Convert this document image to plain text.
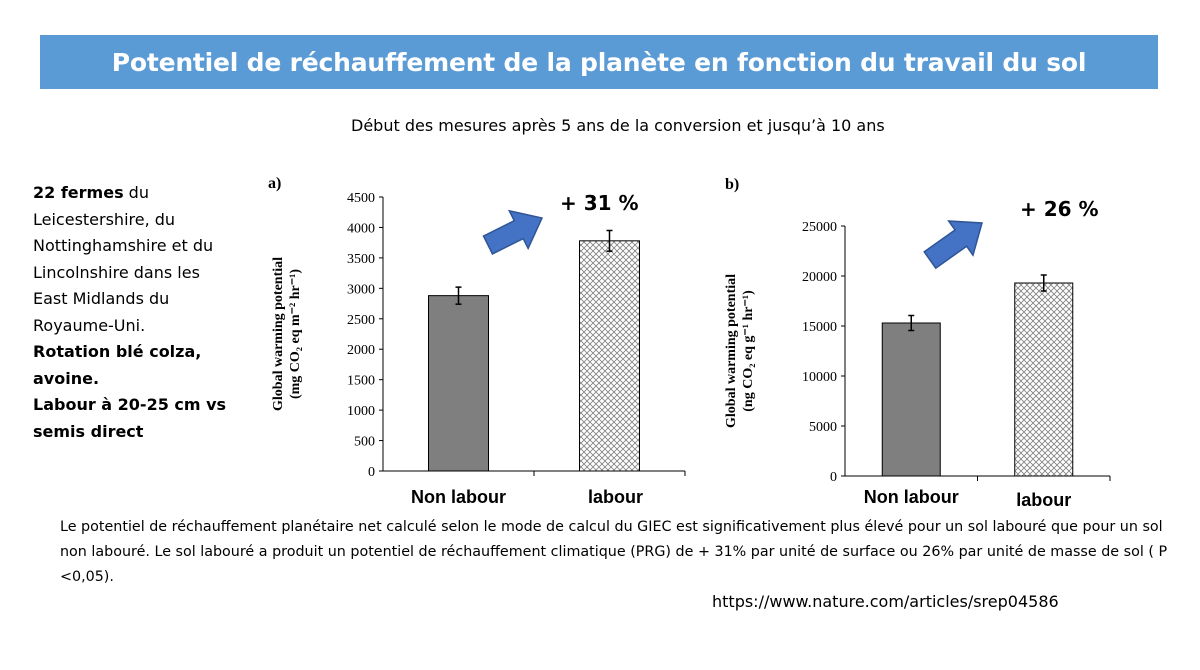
Potentiel de réchauffement de la planète en fonction du travail du sol
Début des mesures après 5 ans de la conversion et jusqu’à 10 ans
22 fermes du Leicestershire, du Nottinghamshire et du Lincolnshire dans les East Midlands du Royaume-Uni.
Rotation blé colza, avoine.
Labour à 20-25 cm vs semis direct
a)
Global warming potential (mg CO₂ eq m⁻² hr⁻¹)
0
500
1000
1500
2000
2500
3000
3500
4000
4500
Non labour	labour
+ 31 %
b)
Global warming potential (ng CO₂ eq g⁻¹ hr⁻¹)
0
5000
10000
15000
20000
25000
Non labour	labour
+ 26 %
Le potentiel de réchauffement planétaire net calculé selon le mode de calcul du GIEC est significativement plus élevé pour un sol labouré que pour un sol non labouré. Le sol labouré a produit un potentiel de réchauffement climatique (PRG) de + 31% par unité de surface ou 26% par unité de masse de sol ( P <0,05).
https://www.nature.com/articles/srep04586
